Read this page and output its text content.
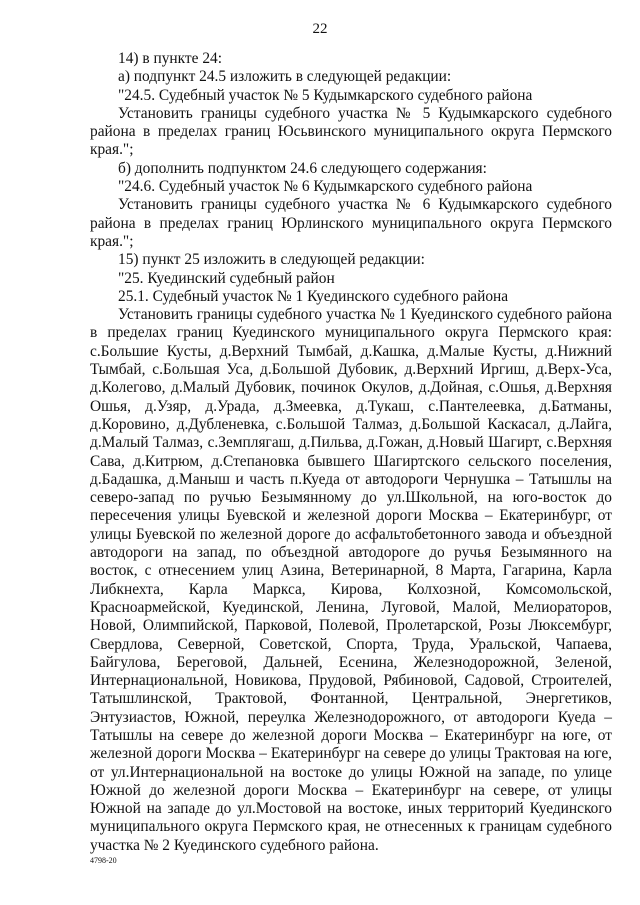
22

14) в пункте 24:

а) подпункт 24.5 изложить в следующей редакции:

"24.5. Судебный участок № 5 Кудымкарского судебного района

Установить границы судебного участка № 5 Кудымкарского судебного района в пределах границ Юсьвинского муниципального округа Пермского края.";

б) дополнить подпунктом 24.6 следующего содержания:

"24.6. Судебный участок № 6 Кудымкарского судебного района

Установить границы судебного участка № 6 Кудымкарского судебного района в пределах границ Юрлинского муниципального округа Пермского края.";

15) пункт 25 изложить в следующей редакции:

"25. Куединский судебный район

25.1. Судебный участок № 1 Куединского судебного района

Установить границы судебного участка № 1 Куединского судебного района в пределах границ Куединского муниципального округа Пермского края: с.Большие Кусты, д.Верхний Тымбай, д.Кашка, д.Малые Кусты, д.Нижний Тымбай, с.Большая Уса, д.Большой Дубовик, д.Верхний Иргиш, д.Верх-Уса, д.Колегово, д.Малый Дубовик, починок Окулов, д.Дойная, с.Ошья, д.Верхняя Ошья, д.Узяр, д.Урада, д.Змеевка, д.Тукаш, с.Пантелеевка, д.Батманы, д.Коровино, д.Дубленевка, с.Большой Талмаз, д.Большой Каскасал, д.Лайга, д.Малый Талмаз, с.Земплягаш, д.Пильва, д.Гожан, д.Новый Шагирт, с.Верхняя Сава, д.Китрюм, д.Степановка бывшего Шагиртского сельского поселения, д.Бадашка, д.Маныш и часть п.Куеда от автодороги Чернушка – Татышлы на северо-запад по ручью Безымянному до ул.Школьной, на юго-восток до пересечения улицы Буевской и железной дороги Москва – Екатеринбург, от улицы Буевской по железной дороге до асфальтобетонного завода и объездной автодороги на запад, по объездной автодороге до ручья Безымянного на восток, с отнесением улиц Азина, Ветеринарной, 8 Марта, Гагарина, Карла Либкнехта, Карла Маркса, Кирова, Колхозной, Комсомольской, Красноармейской, Куединской, Ленина, Луговой, Малой, Мелиораторов, Новой, Олимпийской, Парковой, Полевой, Пролетарской, Розы Люксембург, Свердлова, Северной, Советской, Спорта, Труда, Уральской, Чапаева, Байгулова, Береговой, Дальней, Есенина, Железнодорожной, Зеленой, Интернациональной, Новикова, Прудовой, Рябиновой, Садовой, Строителей, Татышлинской, Трактовой, Фонтанной, Центральной, Энергетиков, Энтузиастов, Южной, переулка Железнодорожного, от автодороги Куеда – Татышлы на севере до железной дороги Москва – Екатеринбург на юге, от железной дороги Москва – Екатеринбург на севере до улицы Трактовая на юге, от ул.Интернациональной на востоке до улицы Южной на западе, по улице Южной до железной дороги Москва – Екатеринбург на севере, от улицы Южной на западе до ул.Мостовой на востоке, иных территорий Куединского муниципального округа Пермского края, не отнесенных к границам судебного участка № 2 Куединского судебного района.

4798-20
